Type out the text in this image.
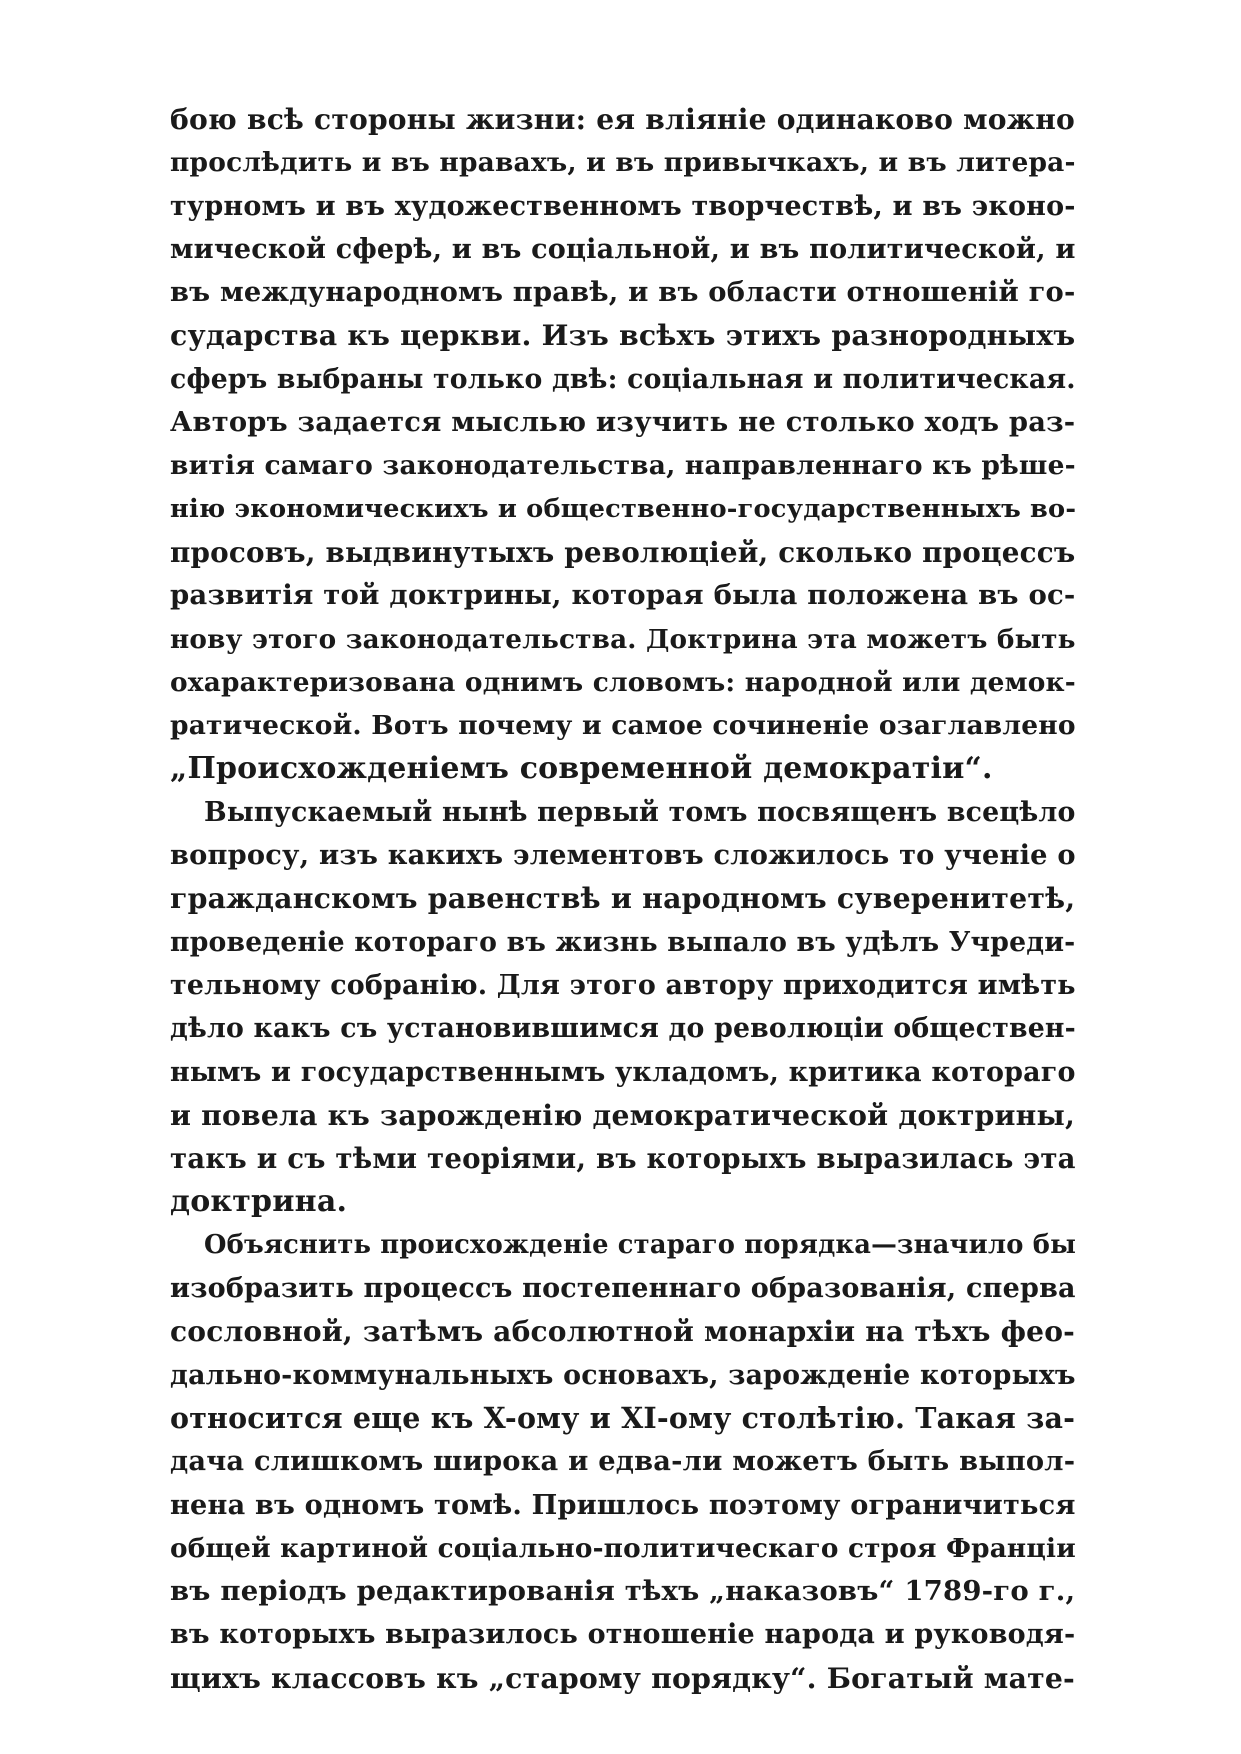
бою всѣ стороны жизни: ея вліяніе одинаково можно
прослѣдить и въ нравахъ, и въ привычкахъ, и въ литера-
турномъ и въ художественномъ творчествѣ, и въ эконо-
мической сферѣ, и въ соціальной, и въ политической, и
въ международномъ правѣ, и въ области отношеній го-
сударства къ церкви. Изъ всѣхъ этихъ разнородныхъ
сферъ выбраны только двѣ: соціальная и политическая.
Авторъ задается мыслью изучить не столько ходъ раз-
витія самаго законодательства, направленнаго къ рѣше-
нію экономическихъ и общественно-государственныхъ во-
просовъ, выдвинутыхъ революціей, сколько процессъ
развитія той доктрины, которая была положена въ ос-
нову этого законодательства. Доктрина эта можетъ быть
охарактеризована однимъ словомъ: народной или демок-
ратической. Вотъ почему и самое сочиненіе озаглавлено
„Происхожденіемъ современной демократіи“.
Выпускаемый нынѣ первый томъ посвященъ всецѣло
вопросу, изъ какихъ элементовъ сложилось то ученіе о
гражданскомъ равенствѣ и народномъ суверенитетѣ,
проведеніе котораго въ жизнь выпало въ удѣлъ Учреди-
тельному собранію. Для этого автору приходится имѣть
дѣло какъ съ установившимся до революціи обществен-
нымъ и государственнымъ укладомъ, критика котораго
и повела къ зарожденію демократической доктрины,
такъ и съ тѣми теоріями, въ которыхъ выразилась эта
доктрина.
Объяснить происхожденіе стараго порядка—значило бы
изобразить процессъ постепеннаго образованія, сперва
сословной, затѣмъ абсолютной монархіи на тѣхъ фео-
дально-коммунальныхъ основахъ, зарожденіе которыхъ
относится еще къ X-ому и XI-ому столѣтію. Такая за-
дача слишкомъ широка и едва-ли можетъ быть выпол-
нена въ одномъ томѣ. Пришлось поэтому ограничиться
общей картиной соціально-политическаго строя Франціи
въ періодъ редактированія тѣхъ „наказовъ“ 1789-го г.,
въ которыхъ выразилось отношеніе народа и руководя-
щихъ классовъ къ „старому порядку“. Богатый мате-
